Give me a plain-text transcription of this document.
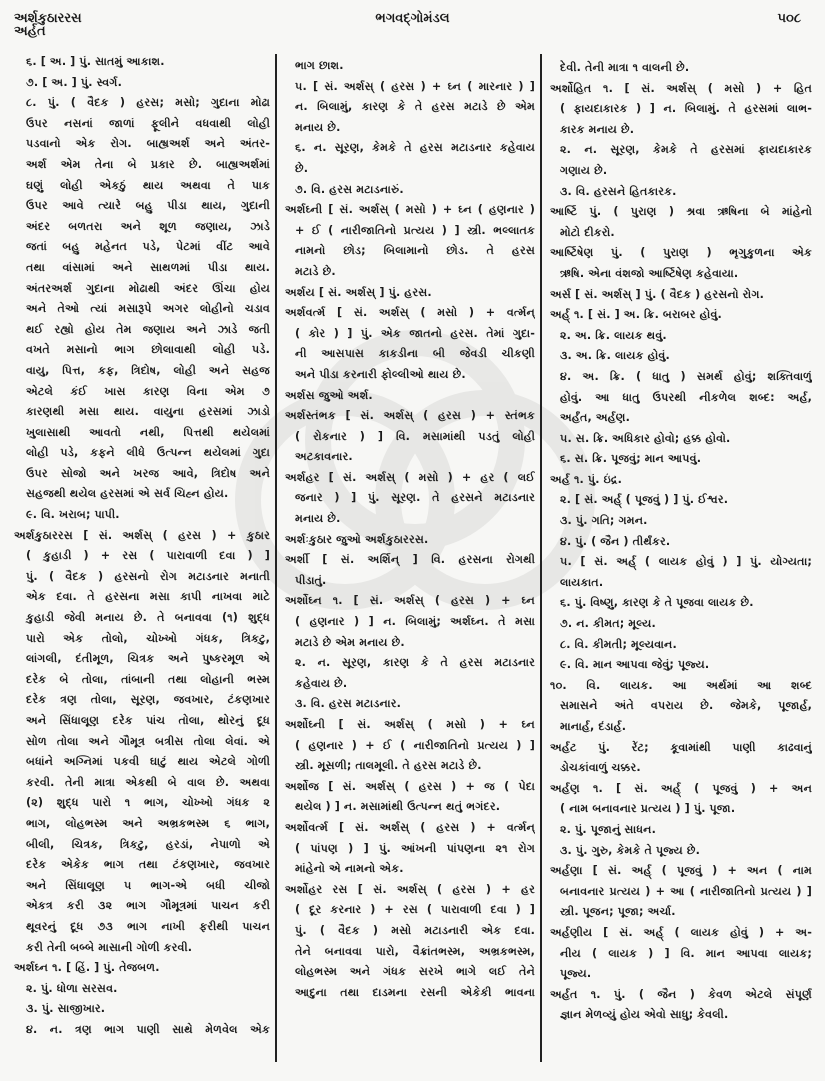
અર્શકુઠારરસ
અર્હત
ભગવદ્ગોમંડલ	૫૦૮
૬. [ અ. ] પું. સાતમું આકાશ.
૭. [ અ. ] પું. સ્વર્ગ.
૮. પું. ( વૈદક ) હરસ; મસો; ગુદાના મોઢા
ઉપર નસનાં જાળાં ફૂલીને વધવાથી લોહી
પડવાનો એક રોગ. બાહ્યઅર્શ અને અંતર-
અર્શ એમ તેના બે પ્રકાર છે. બાહ્યઅર્શમાં
ઘણું લોહી એકઠું થાય અથવા તે પાક
ઉપર આવે ત્યારે બહુ પીડા થાય, ગુદાની
અંદર બળતરા અને શૂળ જણાય, ઝાડે
જતાં બહુ મહેનત પડે, પેટમાં વીંટ આવે
તથા વાંસામાં અને સાથળમાં પીડા થાય.
અંતરઅર્શ ગુદાના મોઢાથી અંદર ઊંચા હોય
અને તેઓ ત્યાં મસારૂપે અગર લોહીનો ચડાવ
થઈ રહ્યો હોય તેમ જણાય અને ઝાડે જતી
વખતે મસાનો ભાગ છોલાવાથી લોહી પડે.
વાયુ, પિત્ત, કફ, ત્રિદોષ, લોહી અને સહજ
એટલે કંઈ ખાસ કારણ વિના એમ ૭
કારણથી મસા થાય. વાયુના હરસમાં ઝાડો
ખુલાસાથી આવતો નથી, પિત્તથી થયેલમાં
લોહી પડે, કફને લીધે ઉત્પન્ન થયેલમાં ગુદા
ઉપર સોજો અને ખરજ આવે, ત્રિદોષ અને
સહજથી થયેલ હરસમાં એ સર્વ ચિહ્ન હોય.
૯. વિ. ખરાબ; પાપી.
અર્શકુઠારરસ [ સં. અર્શસ્ ( હરસ ) + કુઠાર
( કુહાડી ) + રસ ( પારાવાળી દવા ) ]
પું. ( વૈદક ) હરસનો રોગ મટાડનાર મનાતી
એક દવા. તે હરસના મસા કાપી નાખવા માટે
કુહાડી જેવી મનાય છે. તે બનાવવા (૧) શુદ્ધ
પારો એક તોલો, ચોખ્ખો ગંધક, ત્રિકટુ,
લાંગલી, દંતીમૂળ, ચિત્રક અને પુષ્કરમૂળ એ
દરેક બે તોલા, તાંબાની તથા લોહાની ભસ્મ
દરેક ત્રણ તોલા, સૂરણ, જવખાર, ટંકણખાર
અને સિંધાલૂણ દરેક પાંચ તોલા, થોરનું દૂધ
સોળ તોલા અને ગૌમૂત્ર બત્રીસ તોલા લેવાં. એ
બધાંને અગ્નિમાં પકવી ઘાટું થાય એટલે ગોળી
કરવી. તેની માત્રા એકથી બે વાલ છે. અથવા
(૨) શુદ્ધ પારો ૧ ભાગ, ચોખ્ખો ગંધક ૨
ભાગ, લોહભસ્મ અને અભ્રકભસ્મ ૬ ભાગ,
બીલી, ચિત્રક, ત્રિકટુ, હરડાં, નેપાળો એ
દરેક એકેક ભાગ તથા ટંકણખાર, જવખાર
અને સિંધાલૂણ ૫ ભાગ-એ બધી ચીજો
એકત્ર કરી ૩૨ ભાગ ગૌમૂત્રમાં પાચન કરી
થૂવરનું દૂધ ૭૩ ભાગ નાખી ફરીથી પાચન
કરી તેની બબ્બે માસાની ગોળી કરવી.
અર્શઘ્ન ૧. [ હિં. ] પું. તેજબળ.
૨. પું. ધોળા સરસવ.
૩. પું. સાજીખાર.
૪. ન. ત્રણ ભાગ પાણી સાથે મેળવેલ એક
ભાગ છાશ.
૫. [ સં. અર્શસ્ ( હરસ ) + ઘ્ન ( મારનાર ) ]
ન. બિલામું, કારણ કે તે હરસ મટાડે છે એમ
મનાય છે.
૬. ન. સૂરણ, કેમકે તે હરસ મટાડનાર કહેવાય
છે.
૭. વિ. હરસ મટાડનારું.
અર્શઘ્ની [ સં. અર્શસ્ ( મસો ) + ઘ્ન ( હણનાર )
+ ઈ ( નારીજાતિનો પ્રત્યય ) ] સ્ત્રી. ભલ્લાતક
નામનો છોડ; બિલામાનો છોડ. તે હરસ
મટાડે છે.
અર્શય [ સં. અર્શસ્ ] પું. હરસ.
અર્શવર્ત્મ [ સં. અર્શસ્ ( મસો ) + વર્ત્મન્
( કોર ) ] પું. એક જાતનો હરસ. તેમાં ગુદા-
ની આસપાસ કાકડીના બી જેવડી ચીકણી
અને પીડા કરનારી ફોલ્લીઓ થાય છે.
અર્શસ જુઓ અર્શ.
અર્શસ્તંભક [ સં. અર્શસ્ ( હરસ ) + સ્તંભક
( રોકનાર ) ] વિ. મસામાંથી પડતું લોહી
અટકાવનાર.
અર્શહર [ સં. અર્શસ્ ( મસો ) + હર ( લઈ
જનાર ) ] પું. સૂરણ. તે હરસને મટાડનાર
મનાય છે.
અર્શઃકુઠાર જુઓ અર્શકુઠારરસ.
અર્શી [ સં. અર્શિન્ ] વિ. હરસના રોગથી
પીડાતું.
અર્શોઘ્ન ૧. [ સં. અર્શસ્ ( હરસ ) + ઘ્ન
( હણનાર ) ] ન. બિલામું; અર્શઘ્ન. તે મસા
મટાડે છે એમ મનાય છે.
૨. ન. સૂરણ, કારણ કે તે હરસ મટાડનાર
કહેવાય છે.
૩. વિ. હરસ મટાડનાર.
અર્શોઘ્ની [ સં. અર્શસ્ ( મસો ) + ઘ્ન
( હણનાર ) + ઈ ( નારીજાતિનો પ્રત્યય ) ]
સ્ત્રી. મૂસળી; તાલમૂલી. તે હરસ મટાડે છે.
અર્શોજ [ સં. અર્શસ્ ( હરસ ) + જ ( પેદા
થયેલ ) ] ન. મસામાંથી ઉત્પન્ન થતું ભગંદર.
અર્શોવર્ત્મ [ સં. અર્શસ્ ( હરસ ) + વર્ત્મન્
( પાંપણ ) ] પું. આંખની પાંપણના ૨૧ રોગ
માંહેનો એ નામનો એક.
અર્શોહર રસ [ સં. અર્શસ્ ( હરસ ) + હર
( દૂર કરનાર ) + રસ ( પારાવાળી દવા ) ]
પું. ( વૈદક ) મસો મટાડનારી એક દવા.
તેને બનાવવા પારો, વૈક્રાંતભસ્મ, અભ્રકભસ્મ,
લોહભસ્મ અને ગંધક સરખે ભાગે લઈ તેને
આદુના તથા દાડમના રસની એકેકી ભાવના
દેવી. તેની માત્રા ૧ વાલની છે.
અર્શોહિત ૧. [ સં. અર્શસ્ ( મસો ) + હિત
( ફાયદાકારક ) ] ન. બિલામું. તે હરસમાં લાભ-
કારક મનાય છે.
૨. ન. સૂરણ, કેમકે તે હરસમાં ફાયદાકારક
ગણાય છે.
૩. વિ. હરસને હિતકારક.
આર્ષ્ટિ પું. ( પુરાણ ) શ્રવા ઋષિના બે માંહેનો
મોટો દીકરો.
આર્ષ્ટિષેણ પું. ( પુરાણ ) ભૃગુકુળના એક
ઋષિ. એના વંશજો આર્ષ્ટિષેણ કહેવાયા.
અર્સ [ સં. અર્શસ્ ] પું. ( વૈદક ) હરસનો રોગ.
અર્હ્ ૧. [ સં. ] અ. ક્રિ. બરાબર હોવું.
૨. અ. ક્રિ. લાયક થવું.
૩. અ. ક્રિ. લાયક હોવું.
૪. અ. ક્રિ. ( ધાતુ ) સમર્થ હોવું; શક્તિવાળું
હોવું. આ ધાતુ ઉપરથી નીકળેલ શબ્દ: અર્હ,
અર્હંત, અર્હણ.
૫. સ. ક્રિ. અધિકાર હોવો; હક્ક હોવો.
૬. સ. ક્રિ. પૂજવું; માન આપવું.
અર્હ ૧. પું. ઇંદ્ર.
૨. [ સં. અર્હ્ ( પૂજવું ) ] પું. ઈશ્વર.
૩. પું. ગતિ; ગમન.
૪. પું. ( જૈન ) તીર્થંકર.
૫. [ સં. અર્હ્ ( લાયક હોવું ) ] પું. યોગ્યતા;
લાયકાત.
૬. પું. વિષ્ણુ, કારણ કે તે પૂજવા લાયક છે.
૭. ન. કીમત; મૂલ્ય.
૮. વિ. કીમતી; મૂલ્યવાન.
૯. વિ. માન આપવા જેવું; પૂજ્ય.
૧૦. વિ. લાયક. આ અર્થમાં આ શબ્દ
સમાસને અંતે વપરાય છે. જેમકે, પૂજાર્હ,
માનાર્હ, દંડાર્હ.
અર્હટ પું. રેંટ; કૂવામાંથી પાણી કાઢવાનું
ડોચકાંવાળું ચક્કર.
અર્હણ ૧. [ સં. અર્હ્ ( પૂજવું ) + અન
( નામ બનાવનાર પ્રત્યય ) ] પું. પૂજા.
૨. પું. પૂજાનું સાધન.
૩. પું. ગુરુ, કેમકે તે પૂજ્ય છે.
અર્હણા [ સં. અર્હ્ ( પૂજવું ) + અન ( નામ
બનાવનાર પ્રત્યય ) + આ ( નારીજાતિનો પ્રત્યય ) ]
સ્ત્રી. પૂજન; પૂજા; અર્ચા.
અર્હણીય [ સં. અર્હ્ ( લાયક હોવું ) + અ-
નીય ( લાયક ) ] વિ. માન આપવા લાયક;
પૂજ્ય.
અર્હત ૧. પું. ( જૈન ) કેવળ એટલે સંપૂર્ણ
જ્ઞાન મેળવ્યું હોય એવો સાધુ; કેવલી.
